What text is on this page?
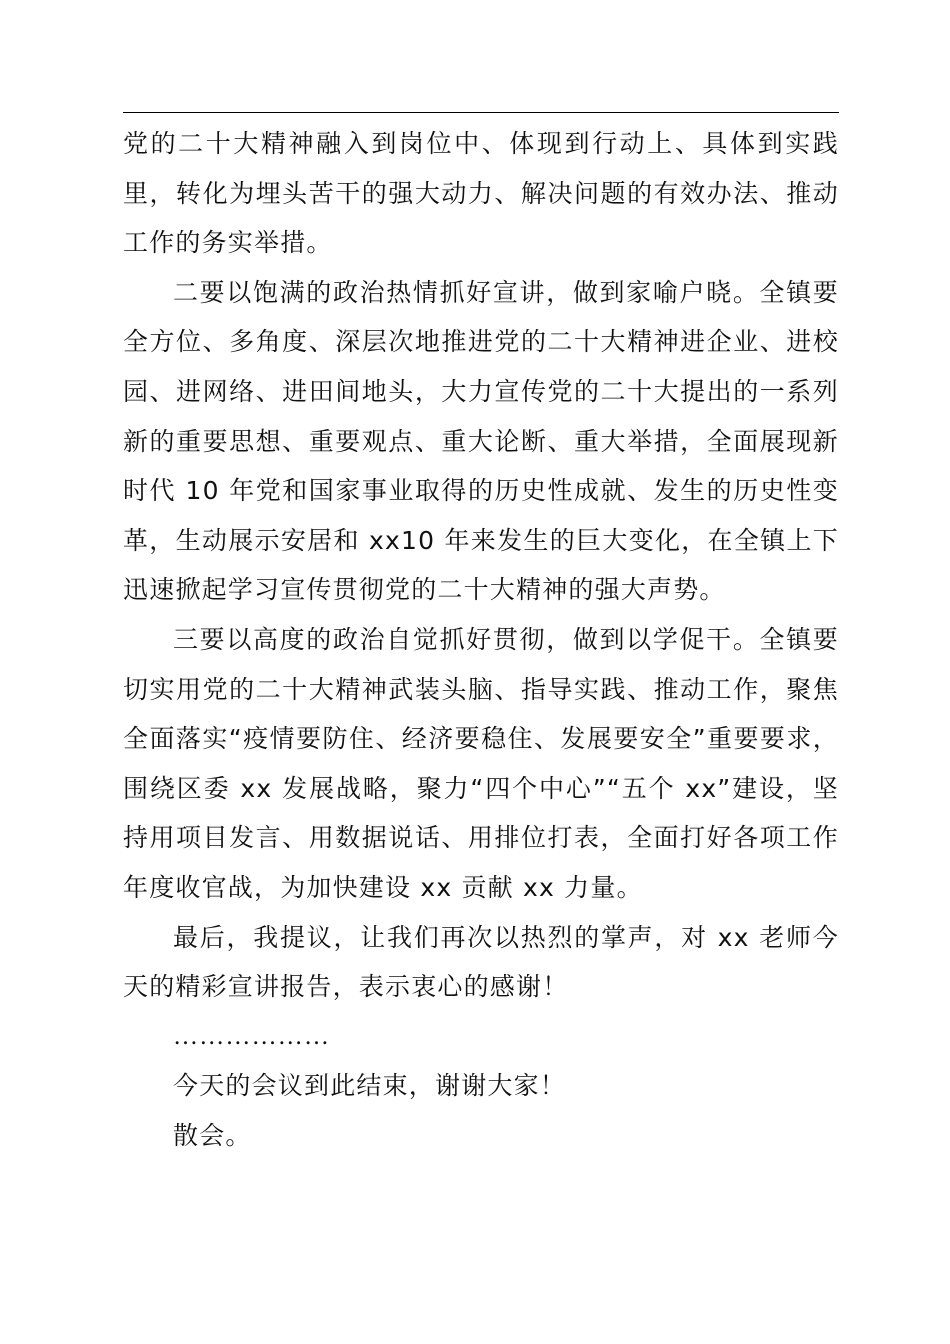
党的二十大精神融入到岗位中、体现到行动上、具体到实践里，转化为埋头苦干的强大动力、解决问题的有效办法、推动工作的务实举措。

二要以饱满的政治热情抓好宣讲，做到家喻户晓。全镇要全方位、多角度、深层次地推进党的二十大精神进企业、进校园、进网络、进田间地头，大力宣传党的二十大提出的一系列新的重要思想、重要观点、重大论断、重大举措，全面展现新时代 10 年党和国家事业取得的历史性成就、发生的历史性变革，生动展示安居和 xx10 年来发生的巨大变化，在全镇上下迅速掀起学习宣传贯彻党的二十大精神的强大声势。

三要以高度的政治自觉抓好贯彻，做到以学促干。全镇要切实用党的二十大精神武装头脑、指导实践、推动工作，聚焦全面落实“疫情要防住、经济要稳住、发展要安全”重要要求，围绕区委 xx 发展战略，聚力“四个中心”“五个 xx”建设，坚持用项目发言、用数据说话、用排位打表，全面打好各项工作年度收官战，为加快建设 xx 贡献 xx 力量。

最后，我提议，让我们再次以热烈的掌声，对 xx 老师今天的精彩宣讲报告，表示衷心的感谢！

………………

今天的会议到此结束，谢谢大家！

散会。
